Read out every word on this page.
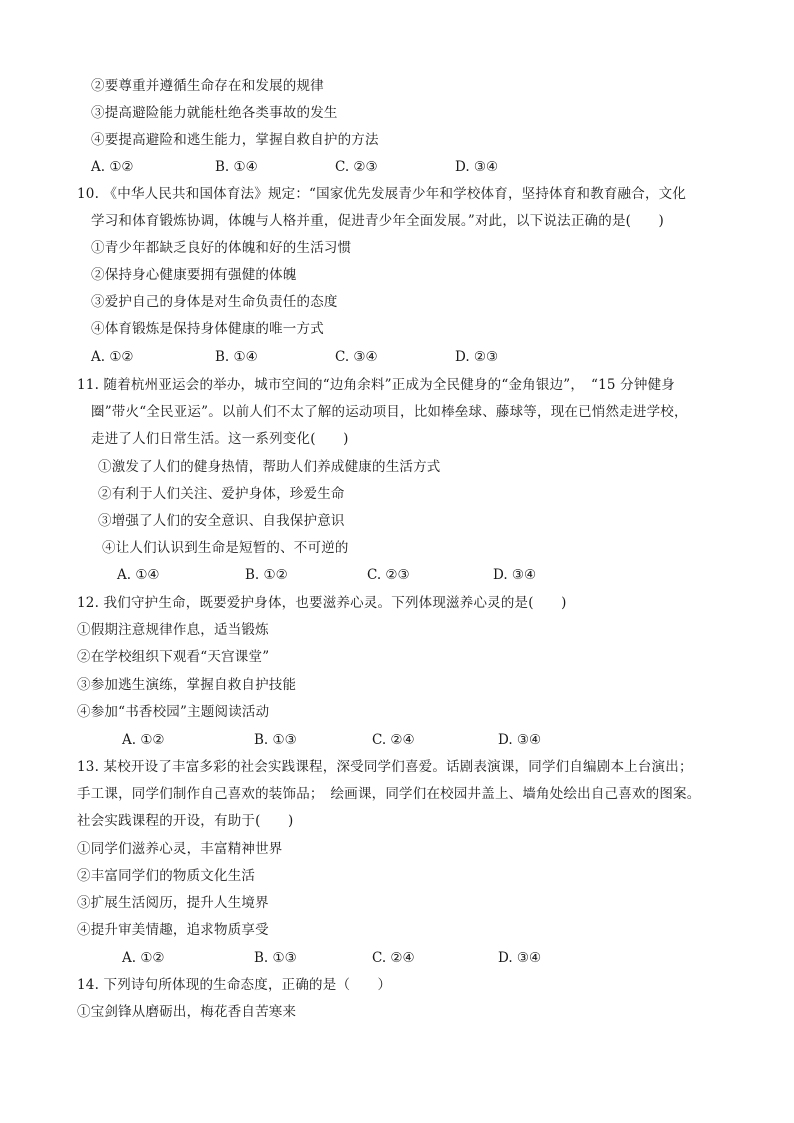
②要尊重并遵循生命存在和发展的规律
③提高避险能力就能杜绝各类事故的发生
④要提高避险和逃生能力，掌握自救自护的方法
A. ①②	B. ①④	C. ②③	D. ③④
10. 《中华人民共和国体育法》规定：“国家优先发展青少年和学校体育，坚持体育和教育融合，文化
学习和体育锻炼协调，体魄与人格并重，促进青少年全面发展。”对此，以下说法正确的是(　　)
①青少年都缺乏良好的体魄和好的生活习惯
②保持身心健康要拥有强健的体魄
③爱护自己的身体是对生命负责任的态度
④体育锻炼是保持身体健康的唯一方式
A. ①②	B. ①④	C. ③④	D. ②③
11. 随着杭州亚运会的举办，城市空间的“边角余料”正成为全民健身的“金角银边”，　“15 分钟健身
圈”带火“全民亚运”。以前人们不太了解的运动项目，比如棒垒球、藤球等，现在已悄然走进学校，
走进了人们日常生活。这一系列变化(　　)
①激发了人们的健身热情，帮助人们养成健康的生活方式
②有利于人们关注、爱护身体，珍爱生命
③增强了人们的安全意识、自我保护意识
④让人们认识到生命是短暂的、不可逆的
A. ①④	B. ①②	C. ②③	D. ③④
12. 我们守护生命，既要爱护身体，也要滋养心灵。下列体现滋养心灵的是(　　)
①假期注意规律作息，适当锻炼
②在学校组织下观看“天宫课堂”
③参加逃生演练，掌握自救自护技能
④参加“书香校园”主题阅读活动
A. ①②	B. ①③	C. ②④	D. ③④
13. 某校开设了丰富多彩的社会实践课程，深受同学们喜爱。话剧表演课，同学们自编剧本上台演出；
手工课，同学们制作自己喜欢的装饰品；　绘画课，同学们在校园井盖上、墙角处绘出自己喜欢的图案。
社会实践课程的开设，有助于(　　)
①同学们滋养心灵，丰富精神世界
②丰富同学们的物质文化生活
③扩展生活阅历，提升人生境界
④提升审美情趣，追求物质享受
A. ①②	B. ①③	C. ②④	D. ③④
14. 下列诗句所体现的生命态度，正确的是（　　）
①宝剑锋从磨砺出，梅花香自苦寒来
